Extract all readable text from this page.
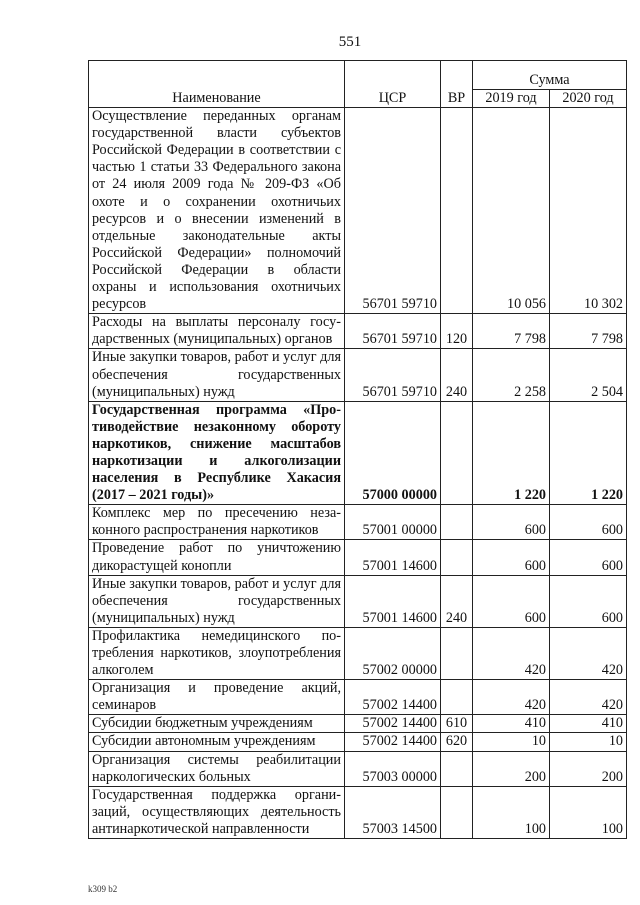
551
Наименование	ЦСР	ВР	Сумма	
			2019 год	2020 год
Осуществление переданных органам государственной власти субъектов Российской Федерации в соответствии с частью 1 статьи 33 Федерального закона от 24 июля 2009 года № 209-ФЗ «Об охоте и о сохранении охотничьих ресурсов и о внесении изменений в отдельные законодательные акты Российской Федерации» полномочий Российской Федерации в области охраны и использования охотничьих ресурсов	56701 59710		10 056	10 302
Расходы на выплаты персоналу государственных (муниципальных) органов	56701 59710	120	7 798	7 798
Иные закупки товаров, работ и услуг для обеспечения государственных (муниципальных) нужд	56701 59710	240	2 258	2 504
Государственная программа «Противодействие незаконному обороту наркотиков, снижение масштабов наркотизации и алкоголизации населения в Республике Хакасия (2017 – 2021 годы)»	57000 00000		1 220	1 220
Комплекс мер по пресечению незаконного распространения наркотиков	57001 00000		600	600
Проведение работ по уничтожению дикорастущей конопли	57001 14600		600	600
Иные закупки товаров, работ и услуг для обеспечения государственных (муниципальных) нужд	57001 14600	240	600	600
Профилактика немедицинского потребления наркотиков, злоупотребления алкоголем	57002 00000		420	420
Организация и проведение акций, семинаров	57002 14400		420	420
Субсидии бюджетным учреждениям	57002 14400	610	410	410
Субсидии автономным учреждениям	57002 14400	620	10	10
Организация системы реабилитации наркологических больных	57003 00000		200	200
Государственная поддержка организаций, осуществляющих деятельность антинаркотической направленности	57003 14500		100	100
k309 b2
